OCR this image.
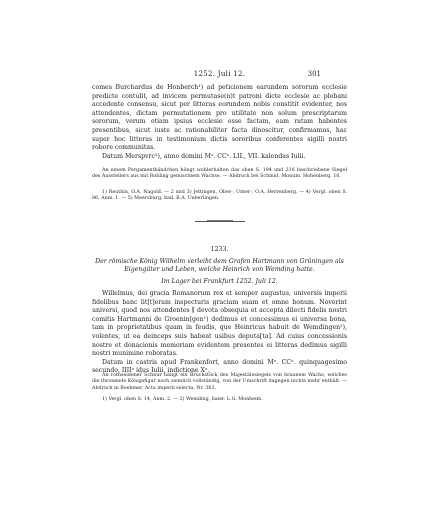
1252. Juli 12.	301

comes Burchardus de Honberch¹) ad peticionem earundem sororum ecclesie predicte contulit, ad invicem permutase(n)t patroni dicte ecclesie ac plebani accedente consensu, sicut per litteras eorundem nobis constitit evidenter, nos attendentes, dictam permutationem pro utilitate non solum prescriptarum sororum, verum etiam ipsius ecclesie esse factam, eam ratam habentes presentibus, sicut iuste ac rationabiliter facta dinoscitur, confirmamus, hac super hoc litteras in testimonium dictis sororibus conferentes sigilli nostri robore communitas.

Datum Merspvrc²), anno domini Mᵒ. CCᵒ. LII., VII. kalendas Iulii.

An einem Pergamentbändchen hängt wohlerhalten das oben S. 194 und 216 beschriebene Siegel des Ausstellers aus mit Rohling gemischtem Wachse. — Abdruck bei Schmid, Monum. Hohenberg. 16.

1) Reuthin, O.A. Nagold. — 2 und 3) Jettingen, Ober-, Unter-, O.A. Herrenberg. — 4) Vergl. oben S. 86, Anm. 1. — 5) Meersburg, bad. B.A. Ueberlingen.

1233.

Der römische König Wilhelm verleiht dem Grafen Hartmann von Grüningen als Eigengüter und Leben, welche Heinrich von Wemding hatte.

Im Lager bei Frankfurt 1252. Juli 12.

Willelmus, dei gracia Romanorum rex et semper augustus, universis imperii fidelibus banc lit[t]eram inspecturis graciam suam et omne bonum. Noverint universi, quod nos attendentes ∥ devota obsequia et accepta dilecti fidelis nostri comitis Hartmanni de Groenin[gen¹) dedimus et concessimus ei universa bona, tam in proprietatibus quam in feudis, que Heinricus habuit de Wemdingen²), volentes, ut ea deinceps suis habeat usibus deputa[ta]. Ad cuius concessionis nostre et donacionis memoriam evidentem presentes ei litteras dedimus sigilli nostri munimine roboratas.

Datum in castris apud Frankenfort, anno domini Mᵒ. CCᵒ. quinquagesimo secundo, IIIIᵒ idus Iulii, indictione Xᵃ.

An rothseidener Schnur hängt ein Bruchstück des Majestätssiegels von braunem Wachs, welches die thronende Königsfigur noch ziemlich vollständig, von der Umschrift dagegen nichts mehr enthält. — Abdruck in Boehmer, Acta imperii selecta, Nr. 363.

1) Vergl. oben S. 14, Anm. 2. — 2) Wemding, baier. L.G. Monheim.
